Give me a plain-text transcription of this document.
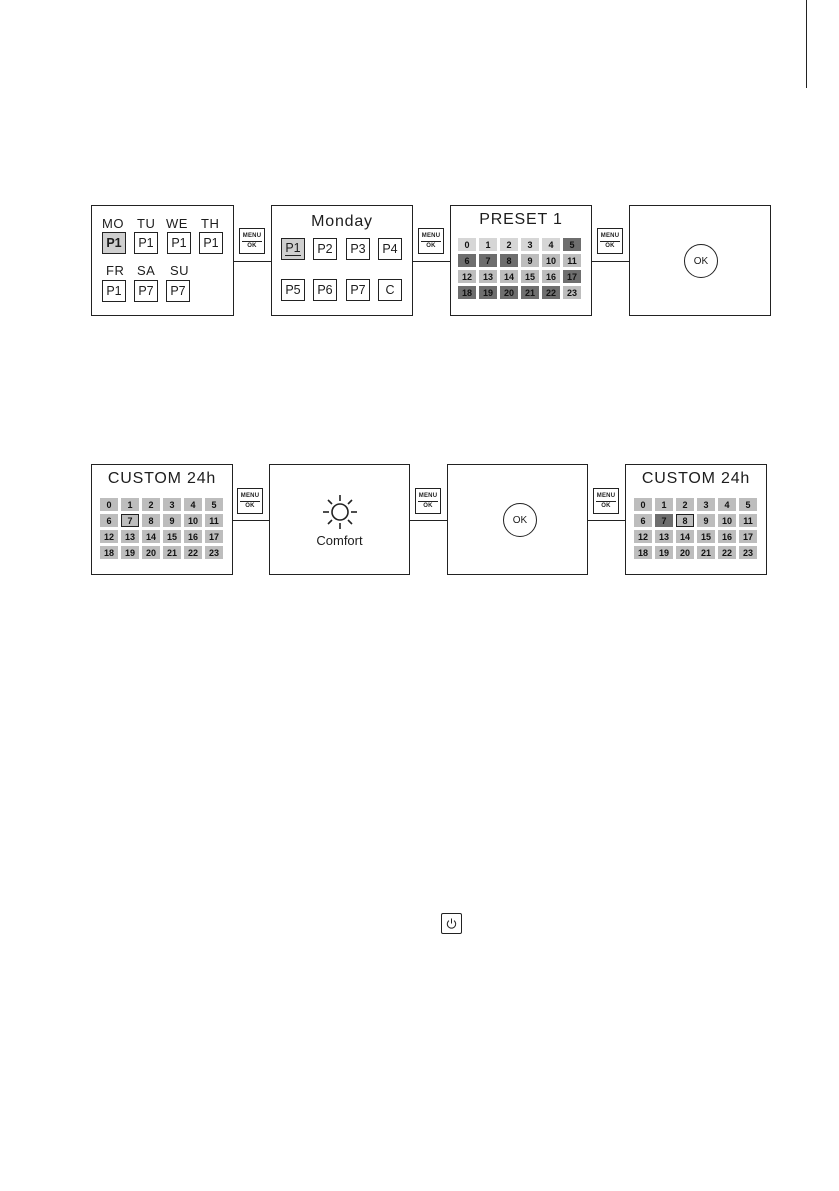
MO TU WE TH
P1 P1 P1 P1
FR SA SU
P1 P7 P7
MENU
OK
Monday
P1 P2 P3 P4
P5 P6 P7 C
MENU
OK
PRESET 1
0	1	2	3	4	5
6	7	8	9	10	11
12	13	14	15	16	17
18	19	20	21	22	23
MENU
OK
OK
CUSTOM 24h
0	1	2	3	4	5
6	7	8	9	10	11
12	13	14	15	16	17
18	19	20	21	22	23
MENU
OK
Comfort
MENU
OK
OK
MENU
OK
CUSTOM 24h
0	1	2	3	4	5
6	7	8	9	10	11
12	13	14	15	16	17
18	19	20	21	22	23
